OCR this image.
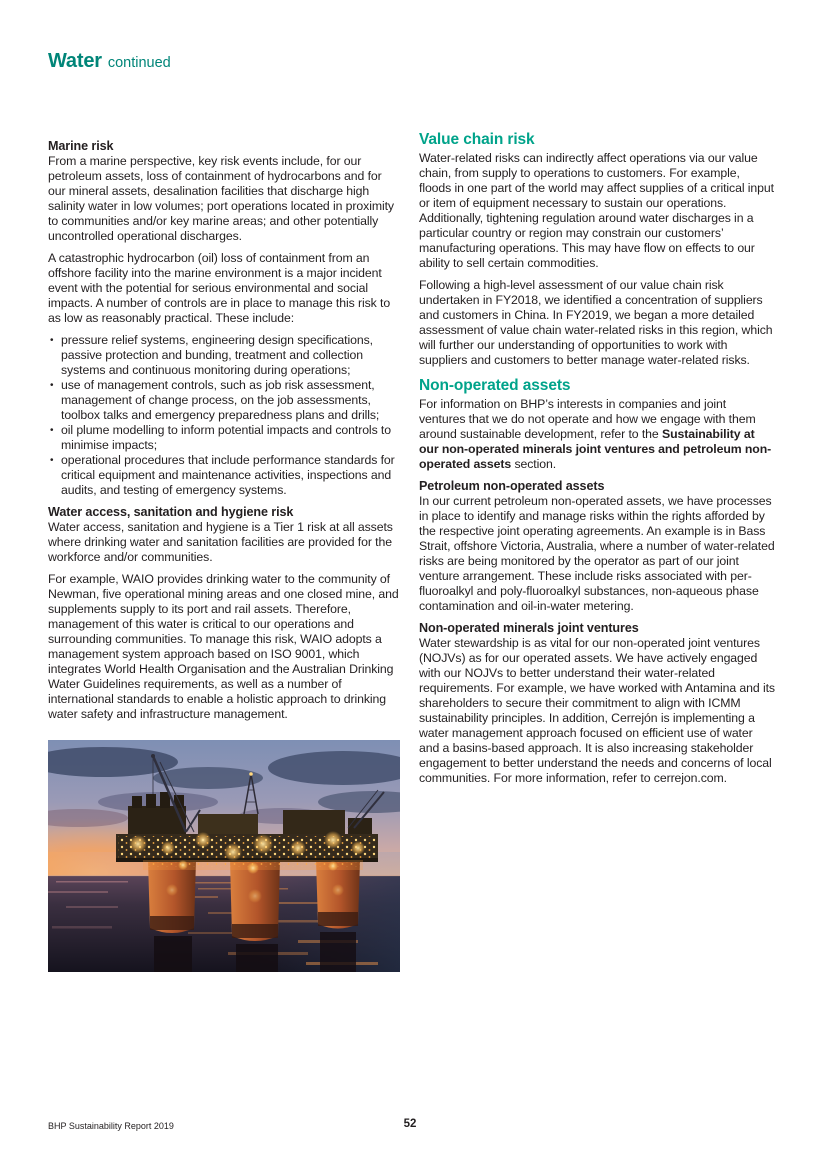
Water continued
Marine risk

From a marine perspective, key risk events include, for our petroleum assets, loss of containment of hydrocarbons and for our mineral assets, desalination facilities that discharge high salinity water in low volumes; port operations located in proximity to communities and/or key marine areas; and other potentially uncontrolled operational discharges.

A catastrophic hydrocarbon (oil) loss of containment from an offshore facility into the marine environment is a major incident event with the potential for serious environmental and social impacts. A number of controls are in place to manage this risk to as low as reasonably practical. These include:

• pressure relief systems, engineering design specifications, passive protection and bunding, treatment and collection systems and continuous monitoring during operations;
• use of management controls, such as job risk assessment, management of change process, on the job assessments, toolbox talks and emergency preparedness plans and drills;
• oil plume modelling to inform potential impacts and controls to minimise impacts;
• operational procedures that include performance standards for critical equipment and maintenance activities, inspections and audits, and testing of emergency systems.
Water access, sanitation and hygiene risk

Water access, sanitation and hygiene is a Tier 1 risk at all assets where drinking water and sanitation facilities are provided for the workforce and/or communities.

For example, WAIO provides drinking water to the community of Newman, five operational mining areas and one closed mine, and supplements supply to its port and rail assets. Therefore, management of this water is critical to our operations and surrounding communities. To manage this risk, WAIO adopts a management system approach based on ISO 9001, which integrates World Health Organisation and the Australian Drinking Water Guidelines requirements, as well as a number of international standards to enable a holistic approach to drinking water safety and infrastructure management.

Value chain risk

Water-related risks can indirectly affect operations via our value chain, from supply to operations to customers. For example, floods in one part of the world may affect supplies of a critical input or item of equipment necessary to sustain our operations. Additionally, tightening regulation around water discharges in a particular country or region may constrain our customers’ manufacturing operations. This may have flow on effects to our ability to sell certain commodities.

Following a high-level assessment of our value chain risk undertaken in FY2018, we identified a concentration of suppliers and customers in China. In FY2019, we began a more detailed assessment of value chain water-related risks in this region, which will further our understanding of opportunities to work with suppliers and customers to better manage water-related risks.

Non-operated assets

For information on BHP’s interests in companies and joint ventures that we do not operate and how we engage with them around sustainable development, refer to the Sustainability at our non-operated minerals joint ventures and petroleum non-operated assets section.

Petroleum non-operated assets

In our current petroleum non-operated assets, we have processes in place to identify and manage risks within the rights afforded by the respective joint operating agreements. An example is in Bass Strait, offshore Victoria, Australia, where a number of water-related risks are being monitored by the operator as part of our joint venture arrangement. These include risks associated with per-fluoroalkyl and poly-fluoroalkyl substances, non-aqueous phase contamination and oil-in-water metering.

Non-operated minerals joint ventures

Water stewardship is as vital for our non-operated joint ventures (NOJVs) as for our operated assets. We have actively engaged with our NOJVs to better understand their water-related requirements. For example, we have worked with Antamina and its shareholders to secure their commitment to align with ICMM sustainability principles. In addition, Cerrejón is implementing a water management approach focused on efficient use of water and a basins-based approach. It is also increasing stakeholder engagement to better understand the needs and concerns of local communities. For more information, refer to cerrejon.com.

BHP Sustainability Report 2019	52
